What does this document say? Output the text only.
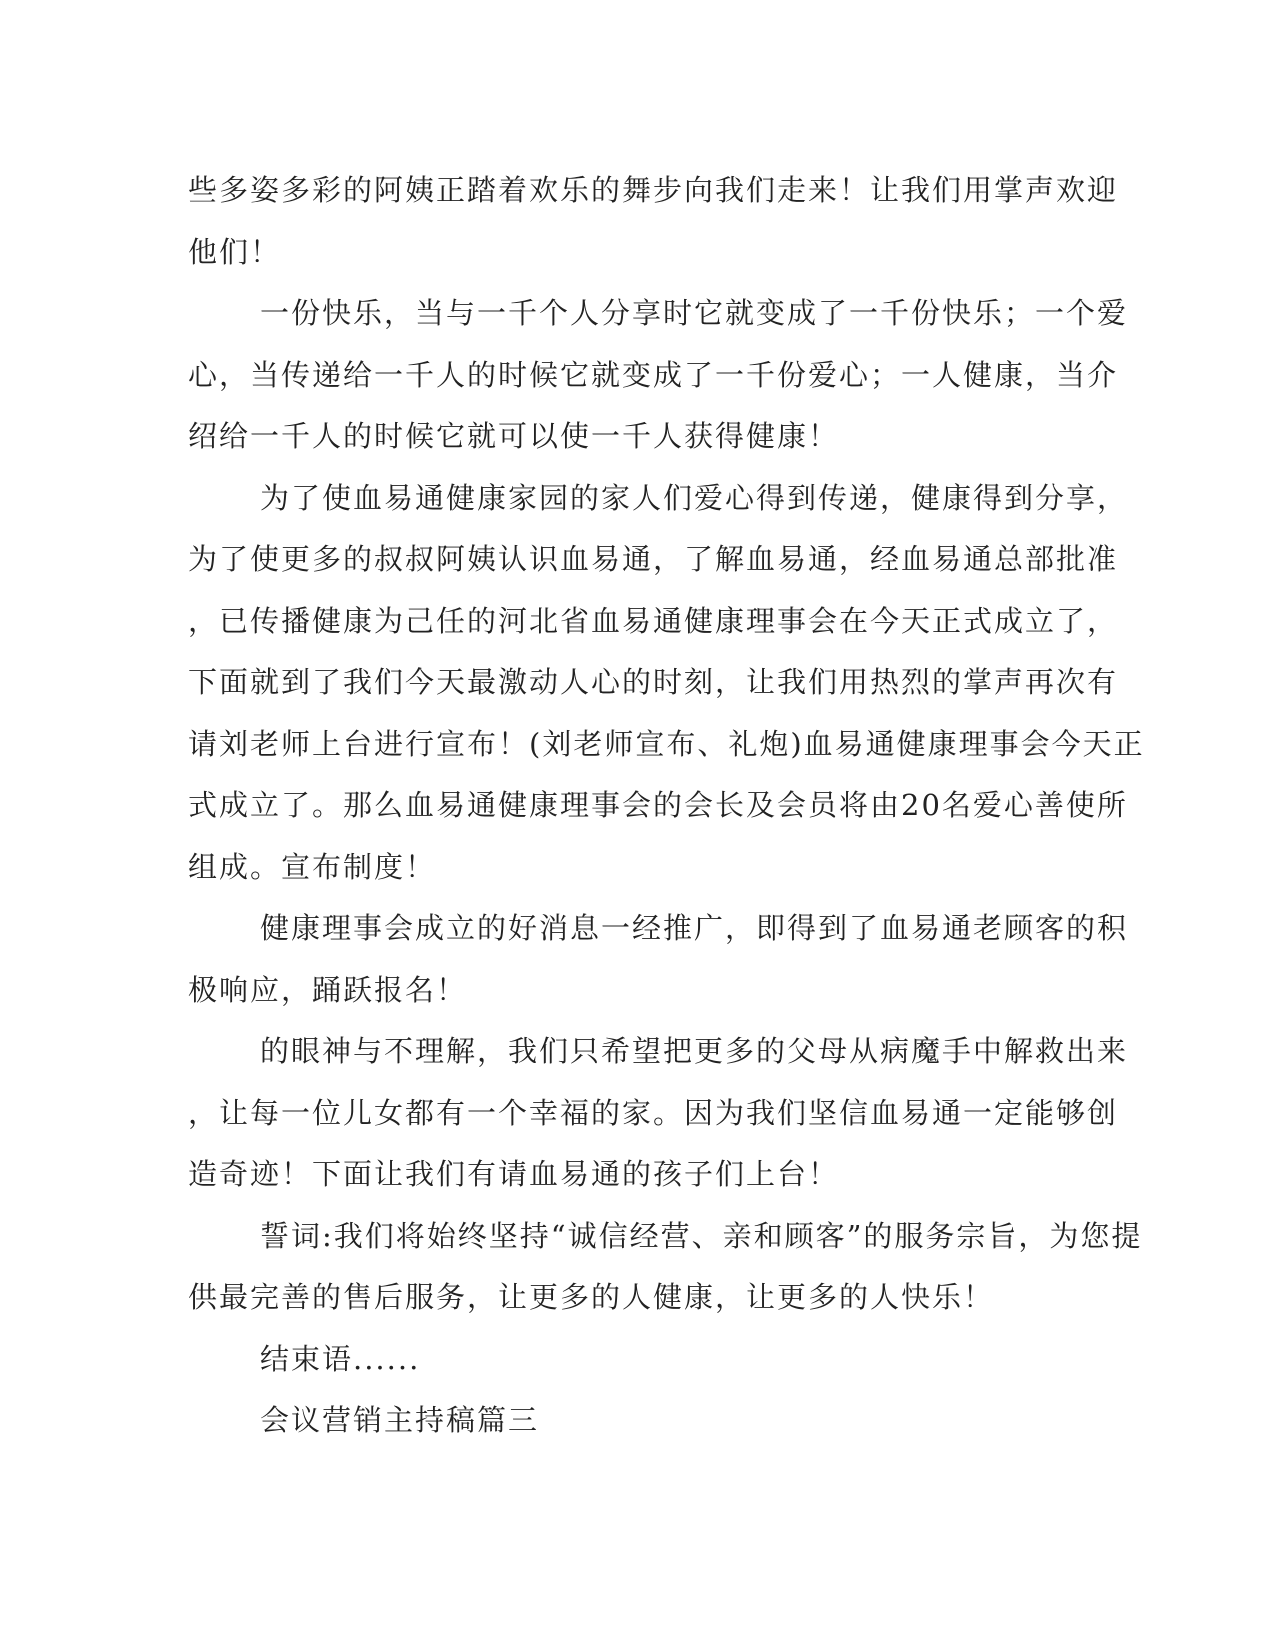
些多姿多彩的阿姨正踏着欢乐的舞步向我们走来！让我们用掌声欢迎
他们！
一份快乐，当与一千个人分享时它就变成了一千份快乐；一个爱
心，当传递给一千人的时候它就变成了一千份爱心；一人健康，当介
绍给一千人的时候它就可以使一千人获得健康！
为了使血易通健康家园的家人们爱心得到传递，健康得到分享，
为了使更多的叔叔阿姨认识血易通，了解血易通，经血易通总部批准
，已传播健康为己任的河北省血易通健康理事会在今天正式成立了，
下面就到了我们今天最激动人心的时刻，让我们用热烈的掌声再次有
请刘老师上台进行宣布！(刘老师宣布、礼炮)血易通健康理事会今天正
式成立了。那么血易通健康理事会的会长及会员将由20名爱心善使所
组成。宣布制度！
健康理事会成立的好消息一经推广，即得到了血易通老顾客的积
极响应，踊跃报名！
的眼神与不理解，我们只希望把更多的父母从病魔手中解救出来
，让每一位儿女都有一个幸福的家。因为我们坚信血易通一定能够创
造奇迹！下面让我们有请血易通的孩子们上台！
誓词:我们将始终坚持“诚信经营、亲和顾客”的服务宗旨，为您提
供最完善的售后服务，让更多的人健康，让更多的人快乐！
结束语......
会议营销主持稿篇三
